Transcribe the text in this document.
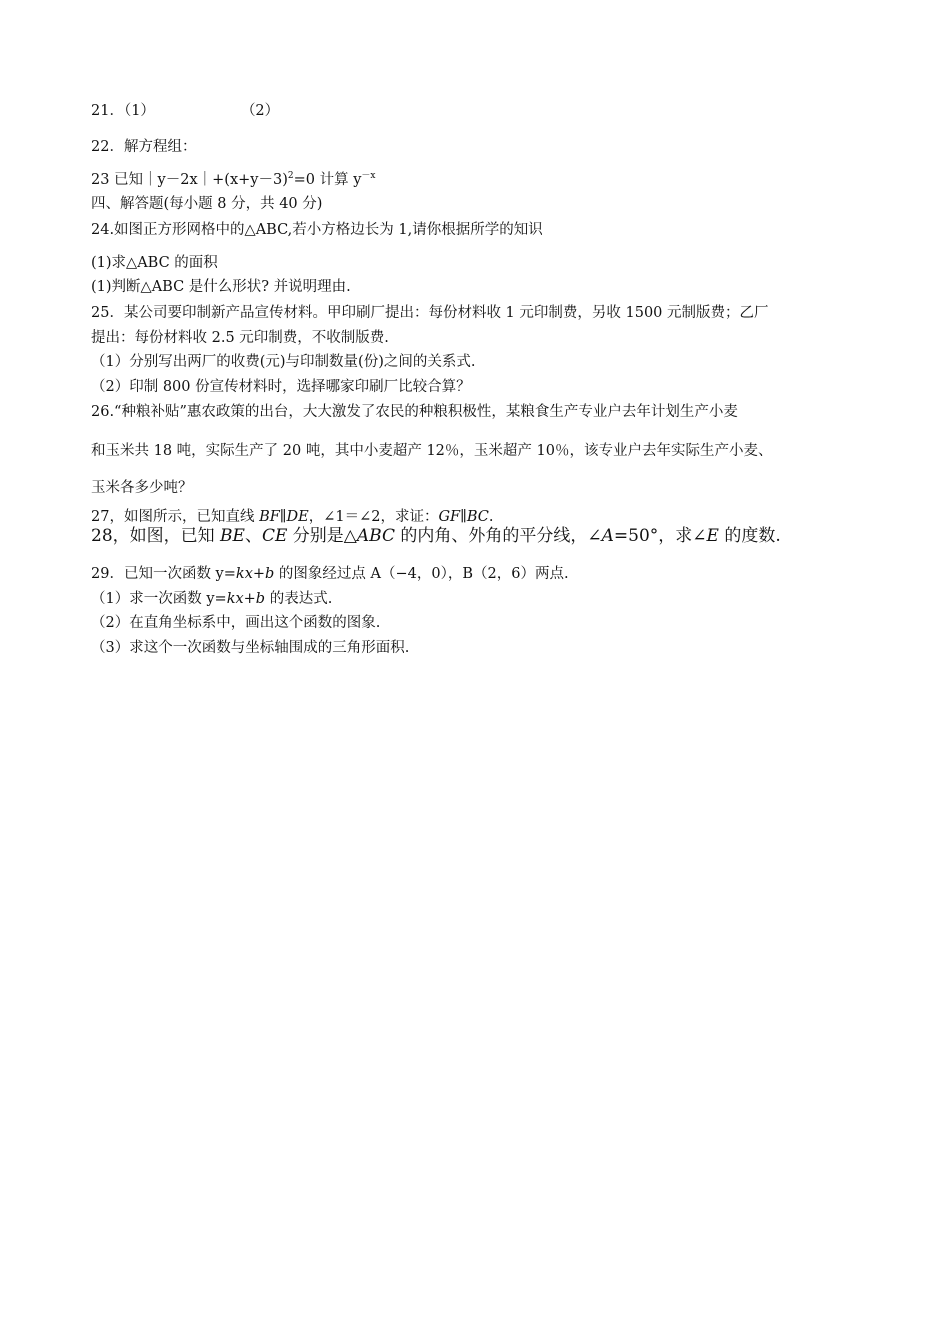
21．（1）	（2）
22．解方程组：
23 已知$|y-2x|+(x+y-3)^2=0$ 计算 $y^{-x}$
四、解答题(每小题 8 分，共 40 分)
24.如图正方形网格中的△ABC,若小方格边长为 1,请你根据所学的知识
(1)求△ABC 的面积
(1)判断△ABC 是什么形状? 并说明理由.
25．某公司要印制新产品宣传材料。甲印刷厂提出：每份材料收 1 元印制费，另收 1500 元制版费；乙厂
提出：每份材料收 2.5 元印制费，不收制版费.
（1）分别写出两厂的收费(元)与印制数量(份)之间的关系式.
（2）印制 800 份宣传材料时，选择哪家印刷厂比较合算？
26.“种粮补贴”惠农政策的出台，大大激发了农民的种粮积极性，某粮食生产专业户去年计划生产小麦
和玉米共 18 吨，实际生产了 20 吨，其中小麦超产 12％，玉米超产 10％，该专业户去年实际生产小麦、
玉米各多少吨？
27，如图所示，已知直线 BF∥DE，∠1＝∠2，求证：GF∥BC.
28，如图，已知 BE、CE 分别是△ABC 的内角、外角的平分线，∠A=50°，求∠E 的度数.
29．已知一次函数 y=kx+b 的图象经过点 A（−4，0），B（2，6）两点.
（1）求一次函数 y=kx+b 的表达式.
（2）在直角坐标系中，画出这个函数的图象.
（3）求这个一次函数与坐标轴围成的三角形面积.
